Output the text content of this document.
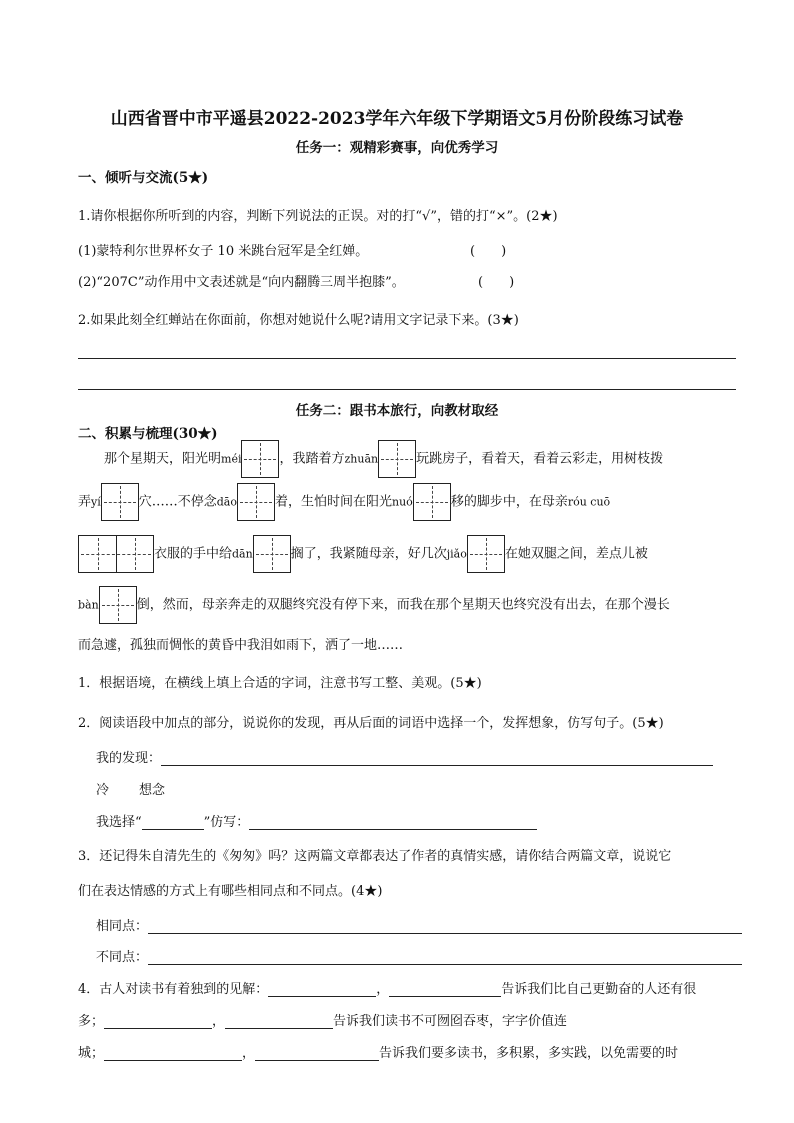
山西省晋中市平遥县2022-2023学年六年级下学期语文5月份阶段练习试卷
任务一：观精彩赛事，向优秀学习
一、倾听与交流(5★)
1.请你根据你所听到的内容，判断下列说法的正误。对的打“√”，错的打“×”。(2★)
(1)蒙特利尔世界杯女子 10 米跳台冠军是全红婵。	(　　)
(2)“207C”动作用中文表述就是“向内翻腾三周半抱膝”。	(　　)
2.如果此刻全红蝉站在你面前，你想对她说什么呢?请用文字记录下来。(3★)
任务二：跟书本旅行，向教材取经
二、积累与梳理(30★)
那个星期天，阳光明méi	，我踏着方zhuān	玩跳房子，看着天，看着云彩走，用树枝拨
弄yí	穴……不停念dāo	着，生怕时间在阳光nuó	移的脚步中，在母亲róu cuō
衣服的手中给dān	搁了，我紧随母亲，好几次jiǎo	在她双腿之间，差点儿被
bàn	倒，然而，母亲奔走的双腿终究没有停下来，而我在那个星期天也终究没有出去，在那个漫长
而急遽，孤独而惆怅的黄昏中我泪如雨下，洒了一地……
1．根据语境，在横线上填上合适的字词，注意书写工整、美观。(5★)
2．阅读语段中加点的部分，说说你的发现，再从后面的词语中选择一个，发挥想象，仿写句子。(5★)
我的发现：
冷 想念
我选择“	”仿写：
3．还记得朱自清先生的《匆匆》吗？这两篇文章都表达了作者的真情实感，请你结合两篇文章，说说它
们在表达情感的方式上有哪些相同点和不同点。(4★)
相同点：
不同点：
4．古人对读书有着独到的见解：	，	告诉我们比自己更勤奋的人还有很
多；	，	告诉我们读书不可囫囵吞枣，字字价值连
城；	，	告诉我们要多读书，多积累，多实践，以免需要的时
